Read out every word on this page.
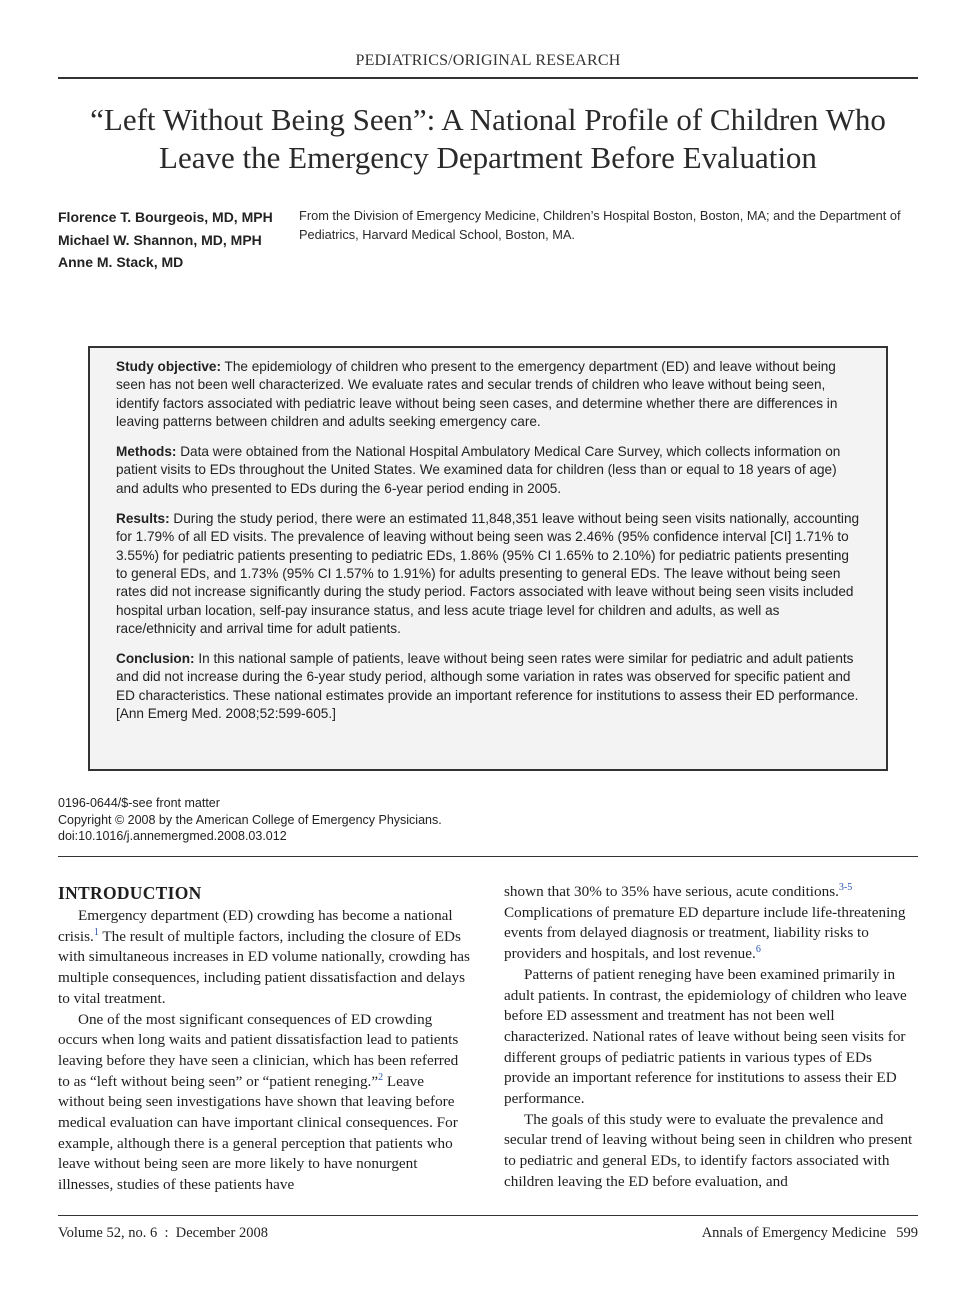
PEDIATRICS/ORIGINAL RESEARCH
“Left Without Being Seen”: A National Profile of Children Who
Leave the Emergency Department Before Evaluation

Florence T. Bourgeois, MD, MPH

Michael W. Shannon, MD, MPH

Anne M. Stack, MD

From the Division of Emergency Medicine, Children’s Hospital Boston, Boston, MA; and the Department of Pediatrics, Harvard Medical School, Boston, MA.

Study objective: The epidemiology of children who present to the emergency department (ED) and leave without being seen has not been well characterized. We evaluate rates and secular trends of children who leave without being seen, identify factors associated with pediatric leave without being seen cases, and determine whether there are differences in leaving patterns between children and adults seeking emergency care.

Methods: Data were obtained from the National Hospital Ambulatory Medical Care Survey, which collects information on patient visits to EDs throughout the United States. We examined data for children (less than or equal to 18 years of age) and adults who presented to EDs during the 6-year period ending in 2005.

Results: During the study period, there were an estimated 11,848,351 leave without being seen visits nationally, accounting for 1.79% of all ED visits. The prevalence of leaving without being seen was 2.46% (95% confidence interval [CI] 1.71% to 3.55%) for pediatric patients presenting to pediatric EDs, 1.86% (95% CI 1.65% to 2.10%) for pediatric patients presenting to general EDs, and 1.73% (95% CI 1.57% to 1.91%) for adults presenting to general EDs. The leave without being seen rates did not increase significantly during the study period. Factors associated with leave without being seen visits included hospital urban location, self-pay insurance status, and less acute triage level for children and adults, as well as race/ethnicity and arrival time for adult patients.

Conclusion: In this national sample of patients, leave without being seen rates were similar for pediatric and adult patients and did not increase during the 6-year study period, although some variation in rates was observed for specific patient and ED characteristics. These national estimates provide an important reference for institutions to assess their ED performance. [Ann Emerg Med. 2008;52:599-605.]

0196-0644/$-see front matter
Copyright © 2008 by the American College of Emergency Physicians.
doi:10.1016/j.annemergmed.2008.03.012
INTRODUCTION

Emergency department (ED) crowding has become a national crisis.$^1$ The result of multiple factors, including the closure of EDs with simultaneous increases in ED volume nationally, crowding has multiple consequences, including patient dissatisfaction and delays to vital treatment.

One of the most significant consequences of ED crowding occurs when long waits and patient dissatisfaction lead to patients leaving before they have seen a clinician, which has been referred to as “left without being seen” or “patient reneging.”$^2$ Leave without being seen investigations have shown that leaving before medical evaluation can have important clinical consequences. For example, although there is a general perception that patients who leave without being seen are more likely to have nonurgent illnesses, studies of these patients have

shown that 30% to 35% have serious, acute conditions.$^{3-5}$ Complications of premature ED departure include life-threatening events from delayed diagnosis or treatment, liability risks to providers and hospitals, and lost revenue.$^6$

Patterns of patient reneging have been examined primarily in adult patients. In contrast, the epidemiology of children who leave before ED assessment and treatment has not been well characterized. National rates of leave without being seen visits for different groups of pediatric patients in various types of EDs provide an important reference for institutions to assess their ED performance.

The goals of this study were to evaluate the prevalence and secular trend of leaving without being seen in children who present to pediatric and general EDs, to identify factors associated with children leaving the ED before evaluation, and

Volume 52, no. 6  :  December 2008	Annals of Emergency Medicine 599
